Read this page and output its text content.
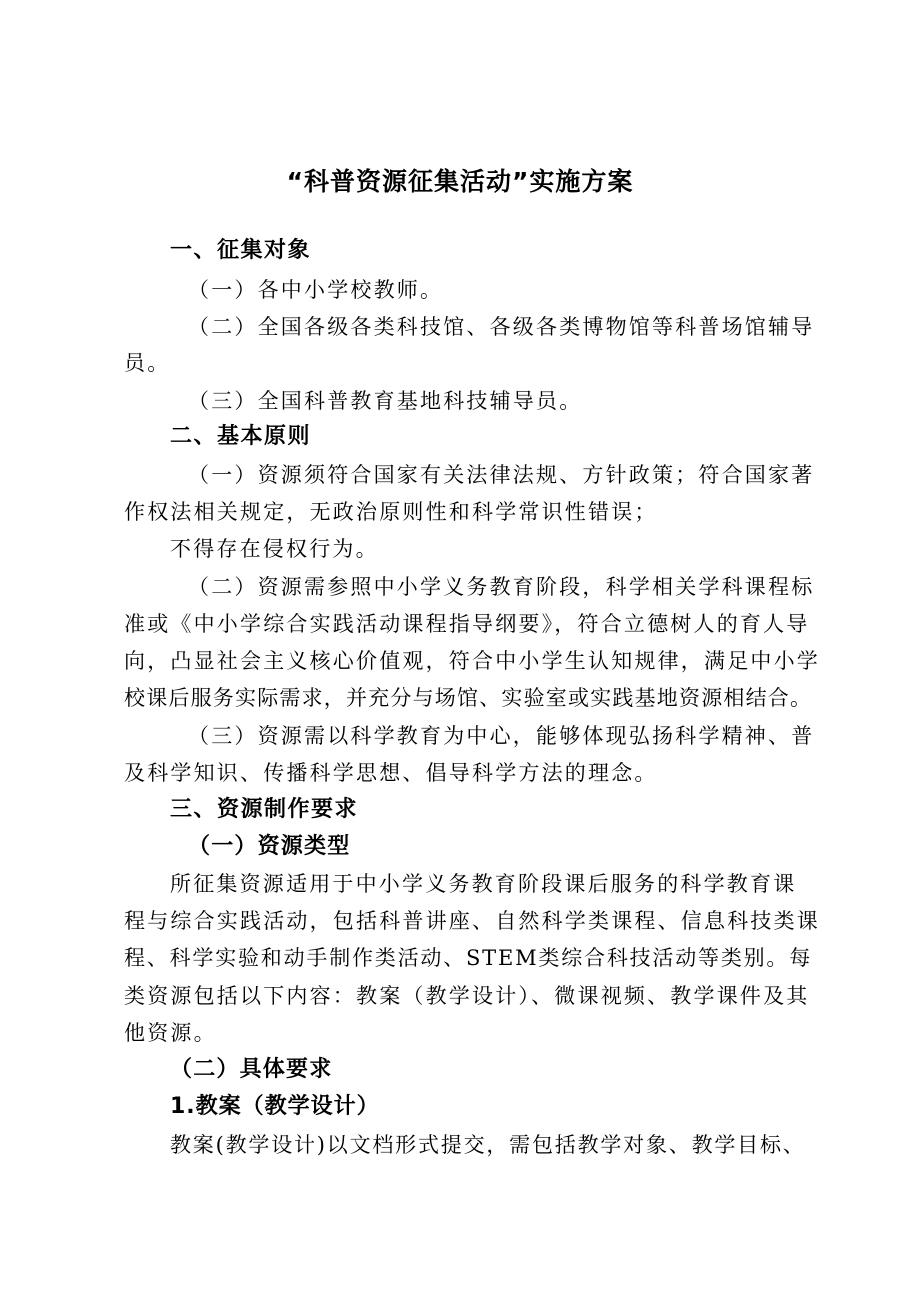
“科普资源征集活动”实施方案
一、征集对象
（一）各中小学校教师。
（二）全国各级各类科技馆、各级各类博物馆等科普场馆辅导
员。
（三）全国科普教育基地科技辅导员。
二、基本原则
（一）资源须符合国家有关法律法规、方针政策；符合国家著
作权法相关规定，无政治原则性和科学常识性错误；
不得存在侵权行为。
（二）资源需参照中小学义务教育阶段，科学相关学科课程标
准或《中小学综合实践活动课程指导纲要》，符合立德树人的育人导
向，凸显社会主义核心价值观，符合中小学生认知规律，满足中小学
校课后服务实际需求，并充分与场馆、实验室或实践基地资源相结合。
（三）资源需以科学教育为中心，能够体现弘扬科学精神、普
及科学知识、传播科学思想、倡导科学方法的理念。
三、资源制作要求
（一）资源类型
所征集资源适用于中小学义务教育阶段课后服务的科学教育课
程与综合实践活动，包括科普讲座、自然科学类课程、信息科技类课
程、科学实验和动手制作类活动、STEM类综合科技活动等类别。每
类资源包括以下内容：教案（教学设计）、微课视频、教学课件及其
他资源。
（二）具体要求
1.教案（教学设计）
教案(教学设计)以文档形式提交，需包括教学对象、教学目标、
